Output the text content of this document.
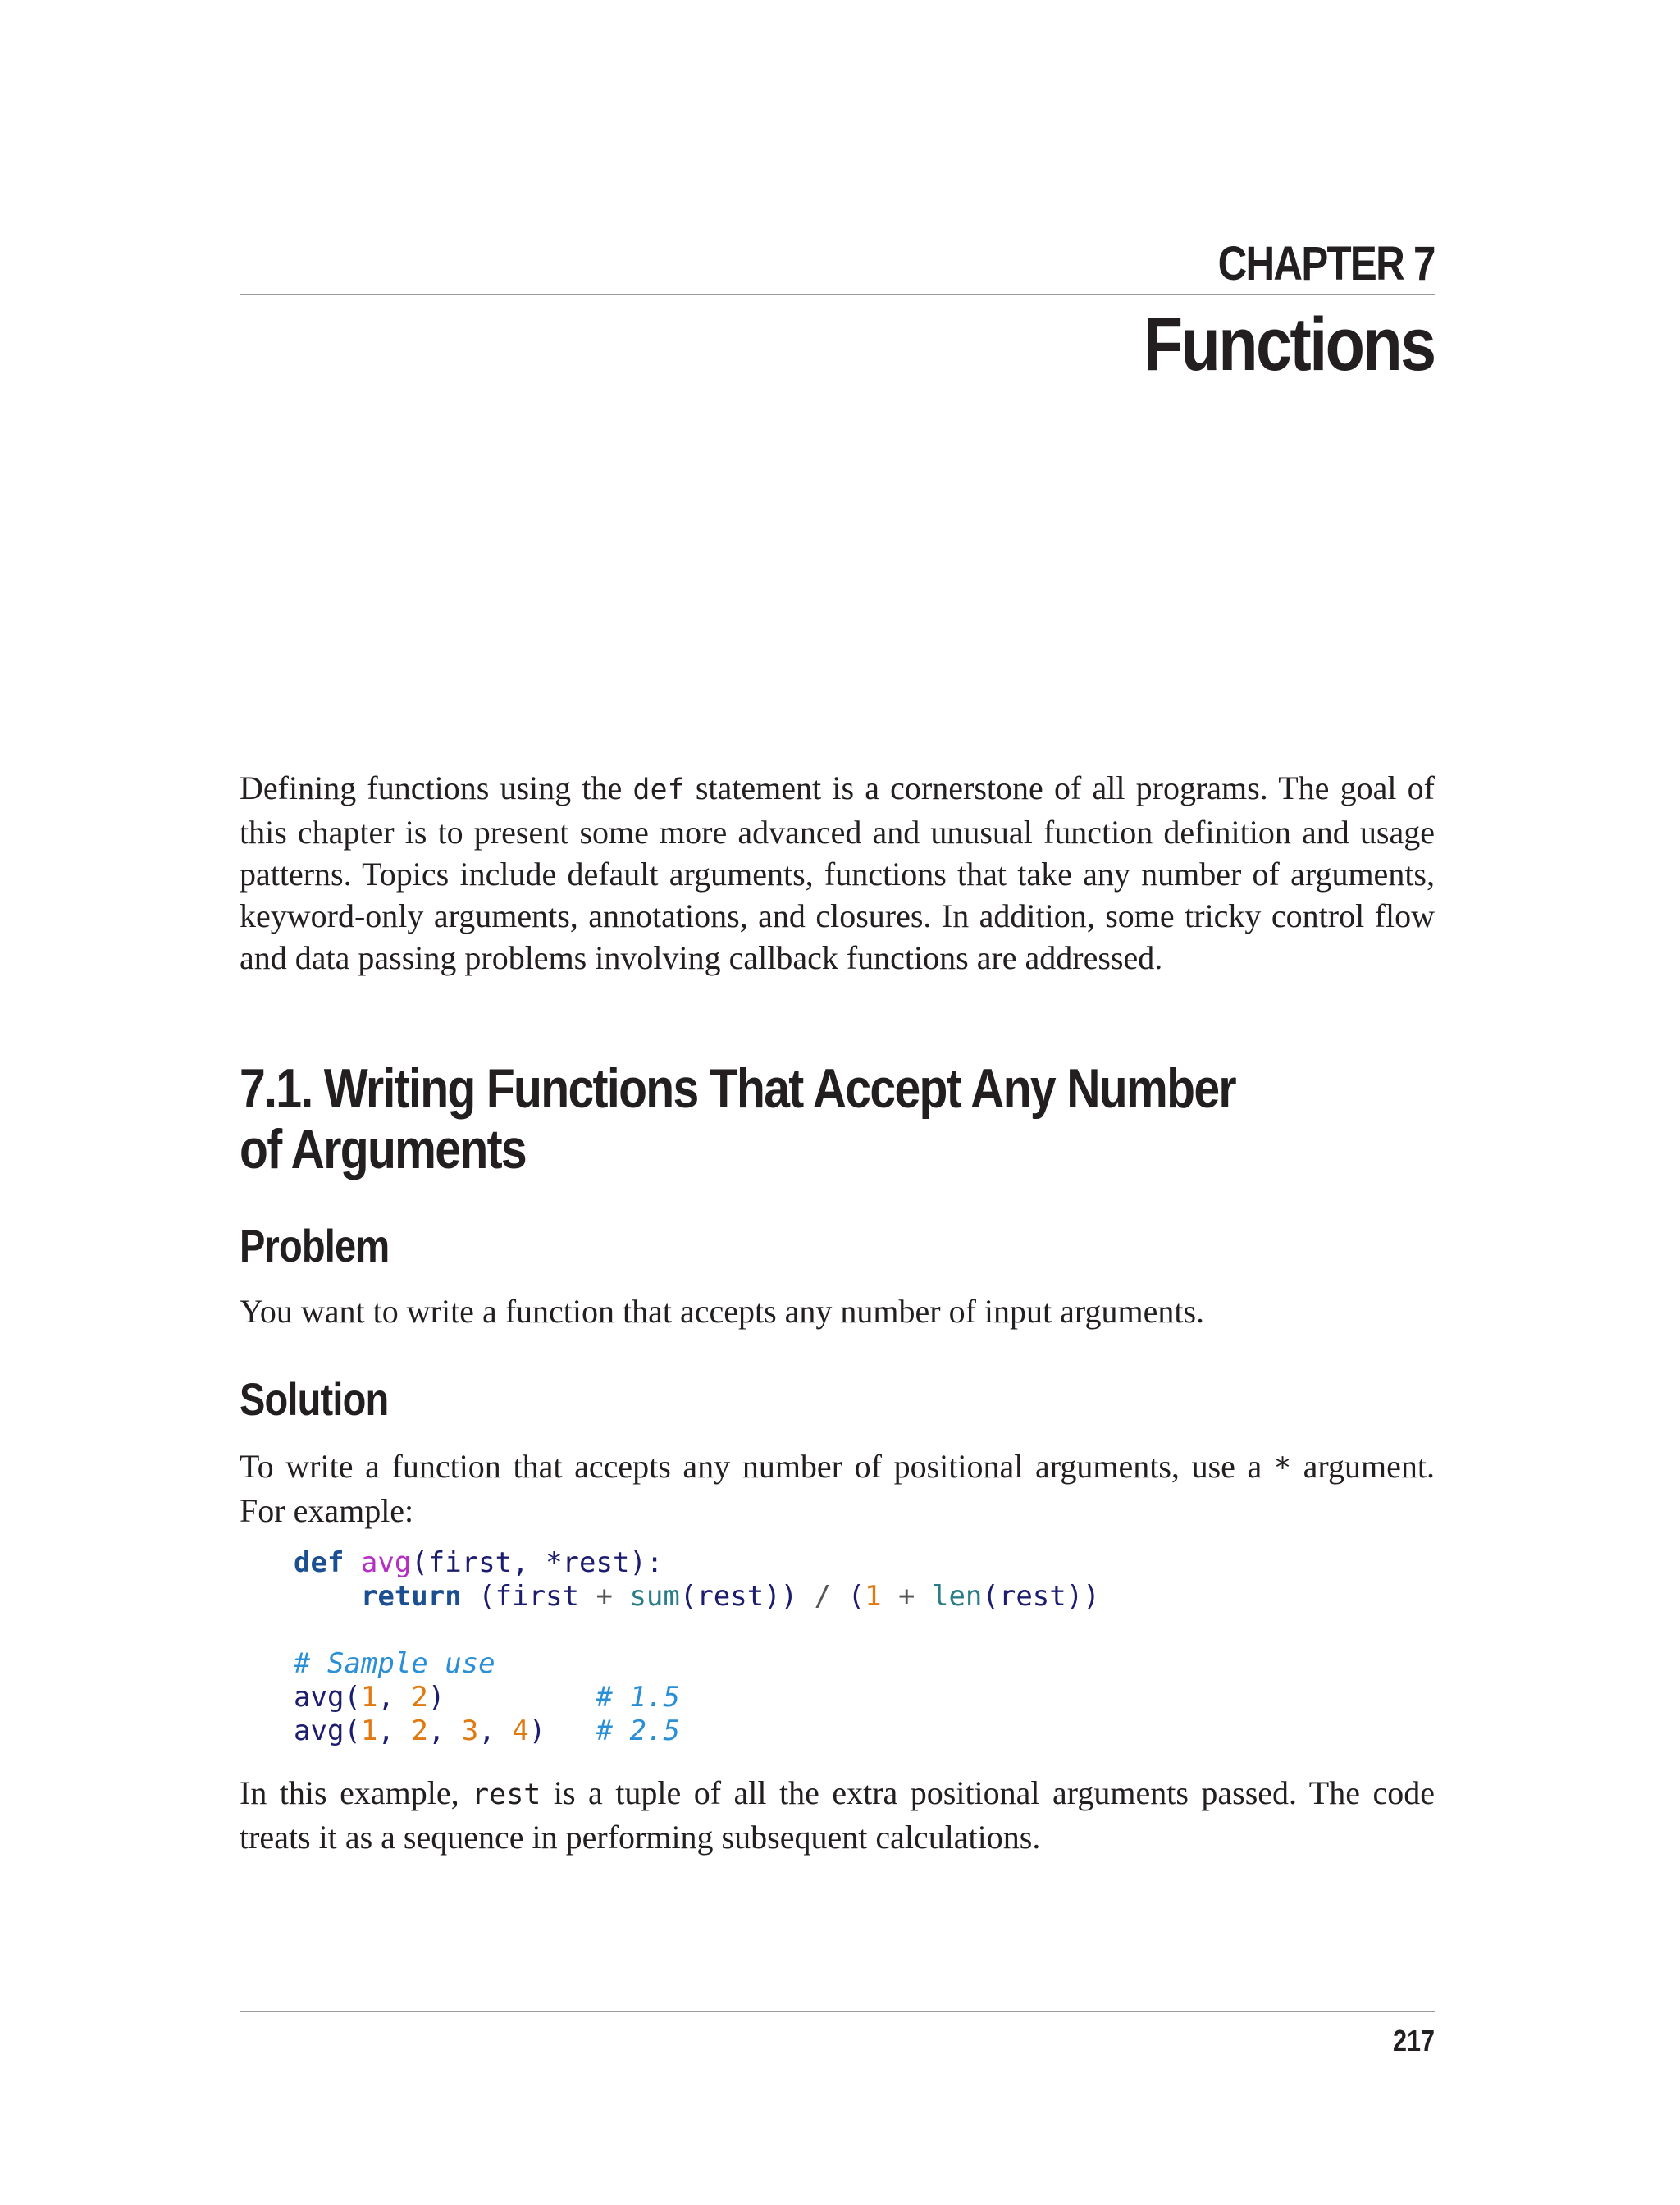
CHAPTER 7
Functions
Defining functions using the def statement is a cornerstone of all programs. The goal of this chapter is to present some more advanced and unusual function definition and usage patterns. Topics include default arguments, functions that take any number of arguments, keyword-only arguments, annotations, and closures. In addition, some tricky control flow and data passing problems involving callback functions are addressed.
7.1. Writing Functions That Accept Any Number of Arguments
Problem
You want to write a function that accepts any number of input arguments.
Solution
To write a function that accepts any number of positional arguments, use a * argument. For example:
def avg(first, *rest):
return (first + sum(rest)) / (1 + len(rest))

# Sample use
avg(1, 2)	# 1.5
avg(1, 2, 3, 4) # 2.5
In this example, rest is a tuple of all the extra positional arguments passed. The code treats it as a sequence in performing subsequent calculations.
217
